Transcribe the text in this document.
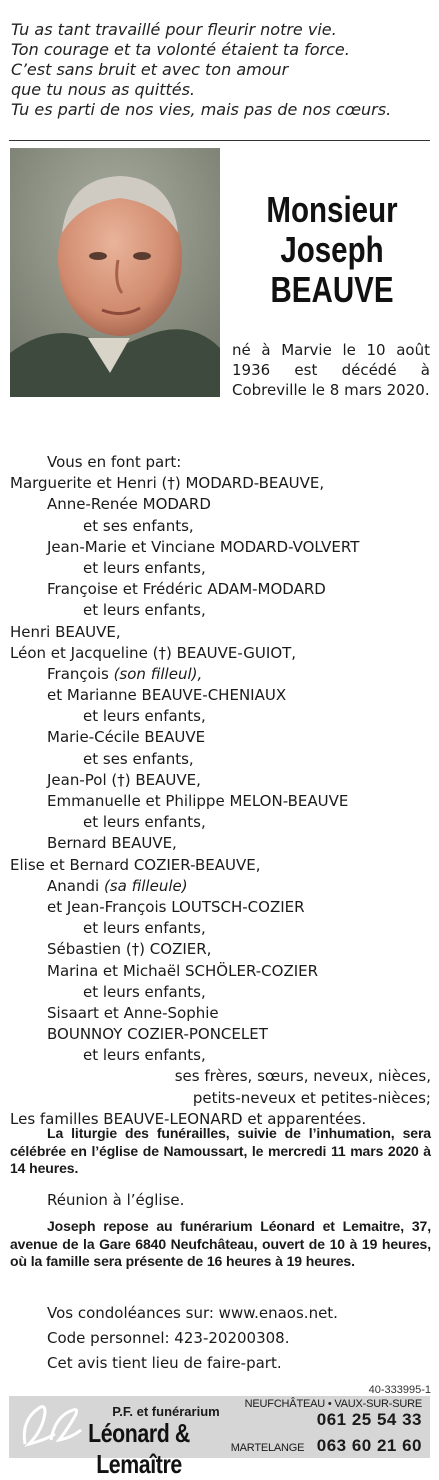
Tu as tant travaillé pour fleurir notre vie.
Ton courage et ta volonté étaient ta force.
C’est sans bruit et avec ton amour
que tu nous as quittés.
Tu es parti de nos vies, mais pas de nos cœurs.
Monsieur
Joseph
BEAUVE
né à Marvie le 10 août 1936 est décédé à Cobreville le 8 mars 2020.
Vous en font part:
Marguerite et Henri (†) MODARD-BEAUVE,
Anne-Renée MODARD
et ses enfants,
Jean-Marie et Vinciane MODARD-VOLVERT
et leurs enfants,
Françoise et Frédéric ADAM-MODARD
et leurs enfants,
Henri BEAUVE,
Léon et Jacqueline (†) BEAUVE-GUIOT,
François (son filleul),
et Marianne BEAUVE-CHENIAUX
et leurs enfants,
Marie-Cécile BEAUVE
et ses enfants,
Jean-Pol (†) BEAUVE,
Emmanuelle et Philippe MELON-BEAUVE
et leurs enfants,
Bernard BEAUVE,
Elise et Bernard COZIER-BEAUVE,
Anandi (sa filleule)
et Jean-François LOUTSCH-COZIER
et leurs enfants,
Sébastien (†) COZIER,
Marina et Michaël SCHÖLER-COZIER
et leurs enfants,
Sisaart et Anne-Sophie
BOUNNOY COZIER-PONCELET
et leurs enfants,
ses frères, sœurs, neveux, nièces,
petits-neveux et petites-nièces;
Les familles BEAUVE-LEONARD et apparentées.
La liturgie des funérailles, suivie de l’inhumation, sera célébrée en l’église de Namoussart, le mercredi 11 mars 2020 à 14 heures.
Réunion à l’église.
Joseph repose au funérarium Léonard et Lemaitre, 37, avenue de la Gare 6840 Neufchâteau, ouvert de 10 à 19 heures, où la famille sera présente de 16 heures à 19 heures.
Vos condoléances sur: www.enaos.net.
Code personnel: 423-20200308.
Cet avis tient lieu de faire-part.
40-333995-1
P.F. et funérarium
Léonard & Lemaître
NEUFCHÂTEAU • VAUX-SUR-SURE
061 25 54 33
MARTELANGE 063 60 21 60
